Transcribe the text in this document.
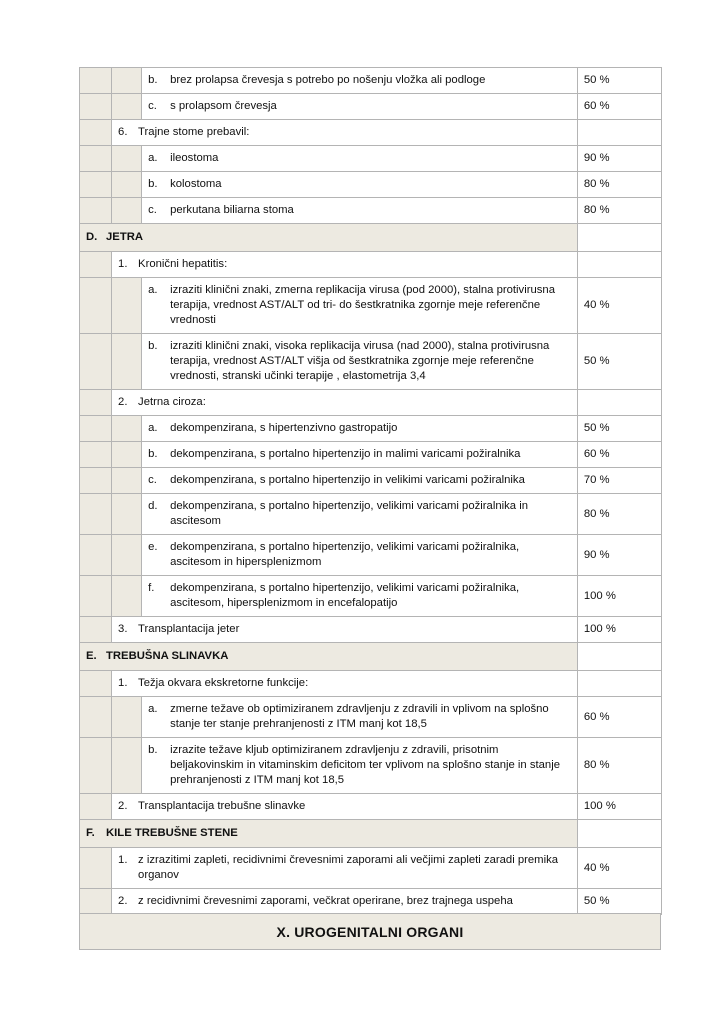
		b. brez prolapsa črevesja s potrebo po nošenju vložka ali podloge	50 %

		c. s prolapsom črevesja	60 %

	6. Trajne stome prebavil:		

		a. ileostoma	90 %

		b. kolostoma	80 %

		c. perkutana biliarna stoma	80 %

D. JETRA			

	1. Kronični hepatitis:		

		a. izraziti klinični znaki, zmerna replikacija virusa (pod 2000), stalna protivirusna terapija, vrednost AST/ALT od tri- do šestkratnika zgornje meje referenčne vrednosti	40 %

		b. izraziti klinični znaki, visoka replikacija virusa (nad 2000), stalna protivirusna terapija, vrednost AST/ALT višja od šestkratnika zgornje meje referenčne vrednosti, stranski učinki terapije , elastometrija 3,4	50 %

	2. Jetrna ciroza:		

		a. dekompenzirana, s hipertenzivno gastropatijo	50 %

		b. dekompenzirana, s portalno hipertenzijo in malimi varicami požiralnika	60 %

		c. dekompenzirana, s portalno hipertenzijo in velikimi varicami požiralnika	70 %

		d. dekompenzirana, s portalno hipertenzijo, velikimi varicami požiralnika in ascitesom	80 %

		e. dekompenzirana, s portalno hipertenzijo, velikimi varicami požiralnika, ascitesom in hipersplenizmom	90 %

		f. dekompenzirana, s portalno hipertenzijo, velikimi varicami požiralnika, ascitesom, hipersplenizmom in encefalopatijo	100 %

	3. Transplantacija jeter		100 %

E. TREBUŠNA SLINAVKA			

	1. Težja okvara ekskretorne funkcije:		

		a. zmerne težave ob optimiziranem zdravljenju z zdravili in vplivom na splošno stanje ter stanje prehranjenosti z ITM manj kot 18,5	60 %

		b. izrazite težave kljub optimiziranem zdravljenju z zdravili, prisotnim beljakovinskim in vitaminskim deficitom ter vplivom na splošno stanje in stanje prehranjenosti z ITM manj kot 18,5	80 %

	2. Transplantacija trebušne slinavke		100 %

F. KILE TREBUŠNE STENE			

	1. z izrazitimi zapleti, recidivnimi črevesnimi zaporami ali večjimi zapleti zaradi premika organov		40 %

	2. z recidivnimi črevesnimi zaporami, večkrat operirane, brez trajnega uspeha		50 %
X. UROGENITALNI ORGANI
